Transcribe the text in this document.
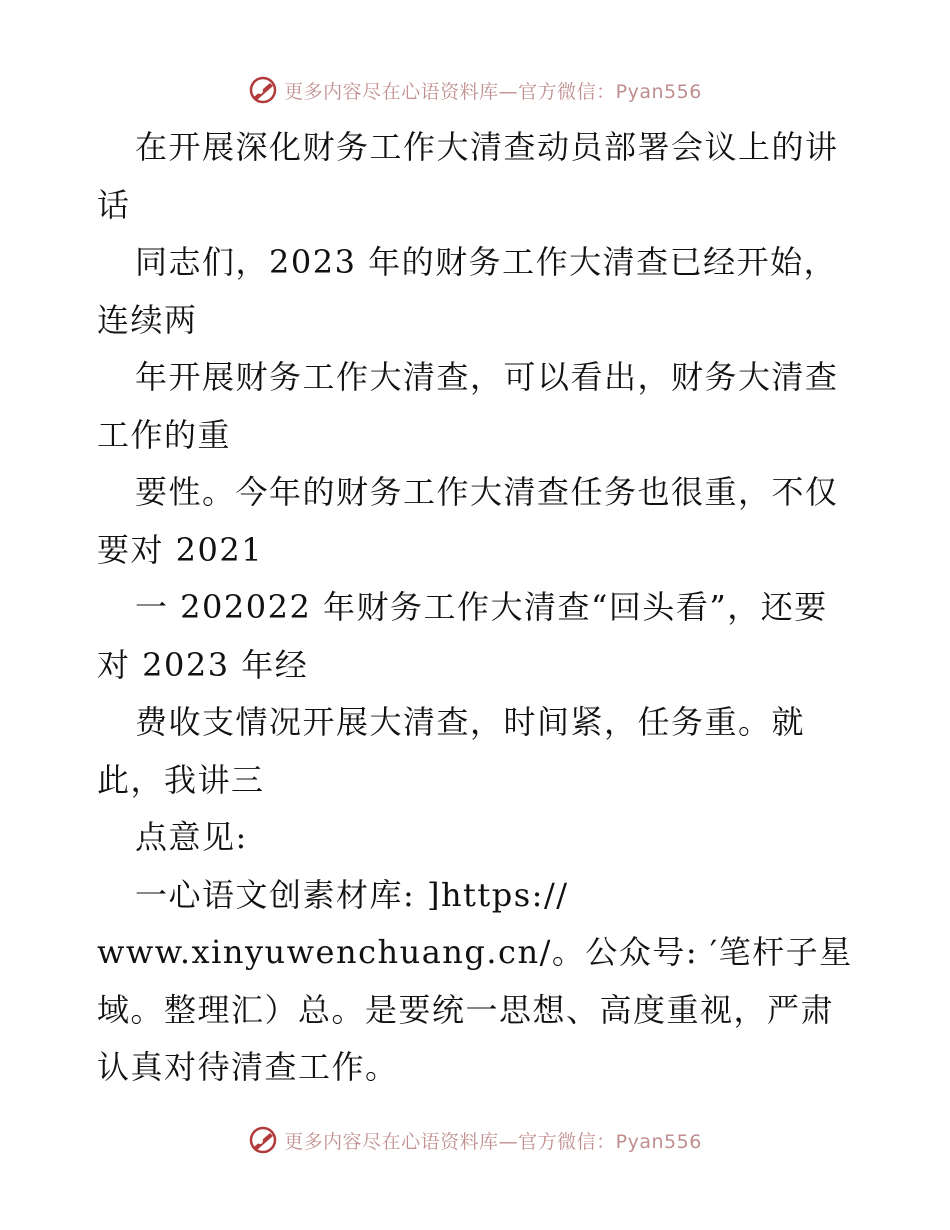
更多内容尽在心语资料库—官方微信：Pyan556
在开展深化财务工作大清查动员部署会议上的讲
话
同志们，2023 年的财务工作大清查已经开始，
连续两
年开展财务工作大清查，可以看出，财务大清查
工作的重
要性。今年的财务工作大清查任务也很重，不仅
要对 2021
一 202022 年财务工作大清查“回头看”，还要
对 2023 年经
费收支情况开展大清查，时间紧，任务重。就
此，我讲三
点意见:
一心语文创素材库: ]https://
www.xinyuwenchuang.cn/。公众号: ′笔杆子星
域。整理汇）总。是要统一思想、高度重视，严肃
认真对待清查工作。
更多内容尽在心语资料库—官方微信：Pyan556
